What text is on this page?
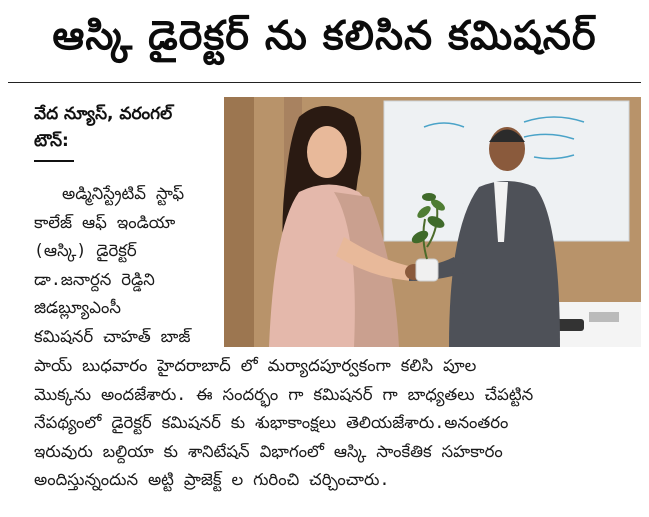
ఆస్కి డైరెక్టర్ ను కలిసిన కమిషనర్
వేద న్యూస్, వరంగల్
టౌన్:
అడ్మినిస్ట్రేటివ్ స్టాఫ్
కాలేజ్ ఆఫ్ ఇండియా
(ఆస్కి) డైరెక్టర్
డా.జనార్దన రెడ్డిని
జిడబ్ల్యూఎంసీ
కమిషనర్ చాహత్ బాజ్
పాయ్ బుధవారం హైదరాబాద్ లో మర్యాదపూర్వకంగా కలిసి పూల
మొక్కను అందజేశారు. ఈ సందర్భం గా కమిషనర్ గా బాధ్యతలు చేపట్టిన
నేపథ్యంలో డైరెక్టర్ కమిషనర్ కు శుభాకాంక్షలు తెలియజేశారు.అనంతరం
ఇరువురు బల్దియా కు శానిటేషన్ విభాగంలో ఆస్కి సాంకేతిక సహకారం
అందిస్తున్నందున అట్టి ప్రాజెక్ట్ ల గురించి చర్చించారు.
